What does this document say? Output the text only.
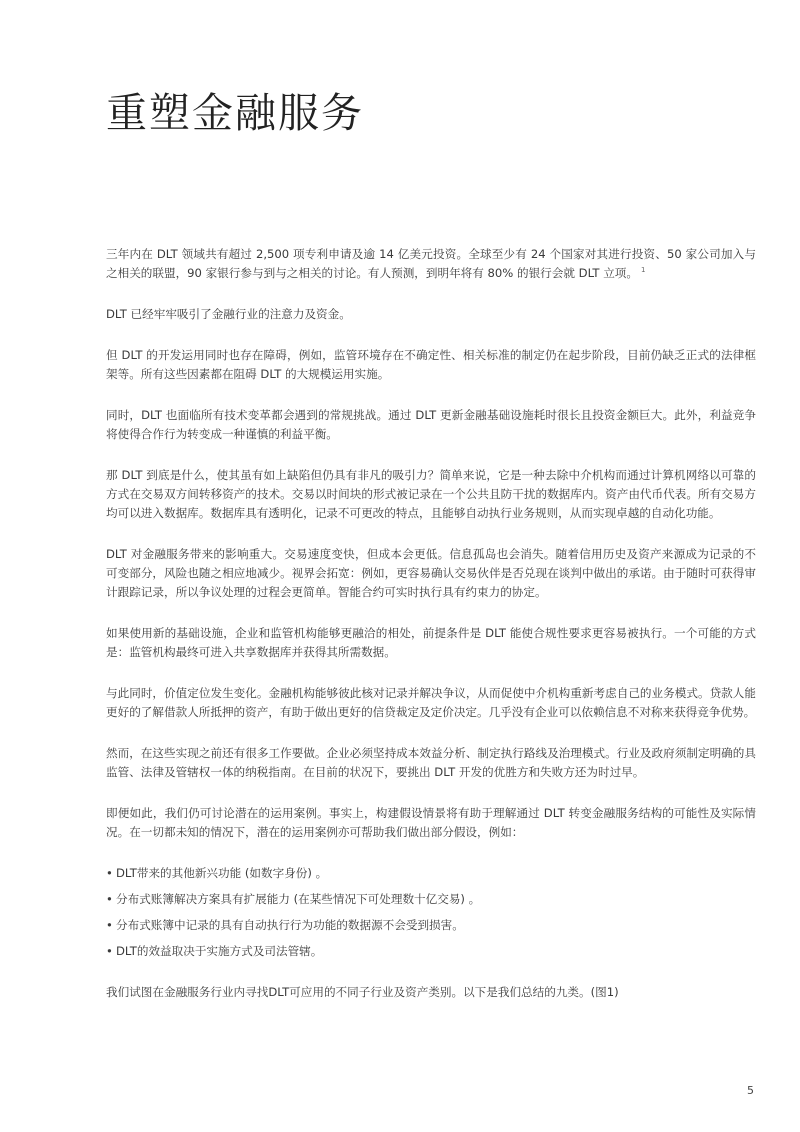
重塑金融服务

三年内在 DLT 领域共有超过 2,500 项专利申请及逾 14 亿美元投资。全球至少有 24 个国家对其进行投资、50 家公司加入与之相关的联盟，90 家银行参与到与之相关的讨论。有人预测，到明年将有 80% 的银行会就 DLT 立项。 $^1$

DLT 已经牢牢吸引了金融行业的注意力及资金。

但 DLT 的开发运用同时也存在障碍，例如，监管环境存在不确定性、相关标准的制定仍在起步阶段，目前仍缺乏正式的法律框架等。所有这些因素都在阻碍 DLT 的大规模运用实施。

同时，DLT 也面临所有技术变革都会遇到的常规挑战。通过 DLT 更新金融基础设施耗时很长且投资金额巨大。此外，利益竞争将使得合作行为转变成一种谨慎的利益平衡。

那 DLT 到底是什么，使其虽有如上缺陷但仍具有非凡的吸引力？简单来说，它是一种去除中介机构而通过计算机网络以可靠的方式在交易双方间转移资产的技术。交易以时间块的形式被记录在一个公共且防干扰的数据库内。资产由代币代表。所有交易方均可以进入数据库。数据库具有透明化，记录不可更改的特点，且能够自动执行业务规则，从而实现卓越的自动化功能。

DLT 对金融服务带来的影响重大。交易速度变快，但成本会更低。信息孤岛也会消失。随着信用历史及资产来源成为记录的不可变部分，风险也随之相应地减少。视界会拓宽：例如，更容易确认交易伙伴是否兑现在谈判中做出的承诺。由于随时可获得审计跟踪记录，所以争议处理的过程会更简单。智能合约可实时执行具有约束力的协定。

如果使用新的基础设施，企业和监管机构能够更融洽的相处，前提条件是 DLT 能使合规性要求更容易被执行。一个可能的方式是：监管机构最终可进入共享数据库并获得其所需数据。

与此同时，价值定位发生变化。金融机构能够彼此核对记录并解决争议，从而促使中介机构重新考虑自己的业务模式。贷款人能更好的了解借款人所抵押的资产，有助于做出更好的信贷裁定及定价决定。几乎没有企业可以依赖信息不对称来获得竞争优势。

然而，在这些实现之前还有很多工作要做。企业必须坚持成本效益分析、制定执行路线及治理模式。行业及政府须制定明确的具监管、法律及管辖权一体的纳税指南。在目前的状况下，要挑出 DLT 开发的优胜方和失败方还为时过早。

即便如此，我们仍可讨论潜在的运用案例。事实上，构建假设情景将有助于理解通过 DLT 转变金融服务结构的可能性及实际情况。在一切都未知的情况下，潜在的运用案例亦可帮助我们做出部分假设，例如：

• DLT带来的其他新兴功能 (如数字身份) 。

• 分布式账簿解决方案具有扩展能力 (在某些情况下可处理数十亿交易) 。

• 分布式账簿中记录的具有自动执行行为功能的数据源不会受到损害。

• DLT的效益取决于实施方式及司法管辖。

我们试图在金融服务行业内寻找DLT可应用的不同子行业及资产类别。以下是我们总结的九类。(图1)

5
